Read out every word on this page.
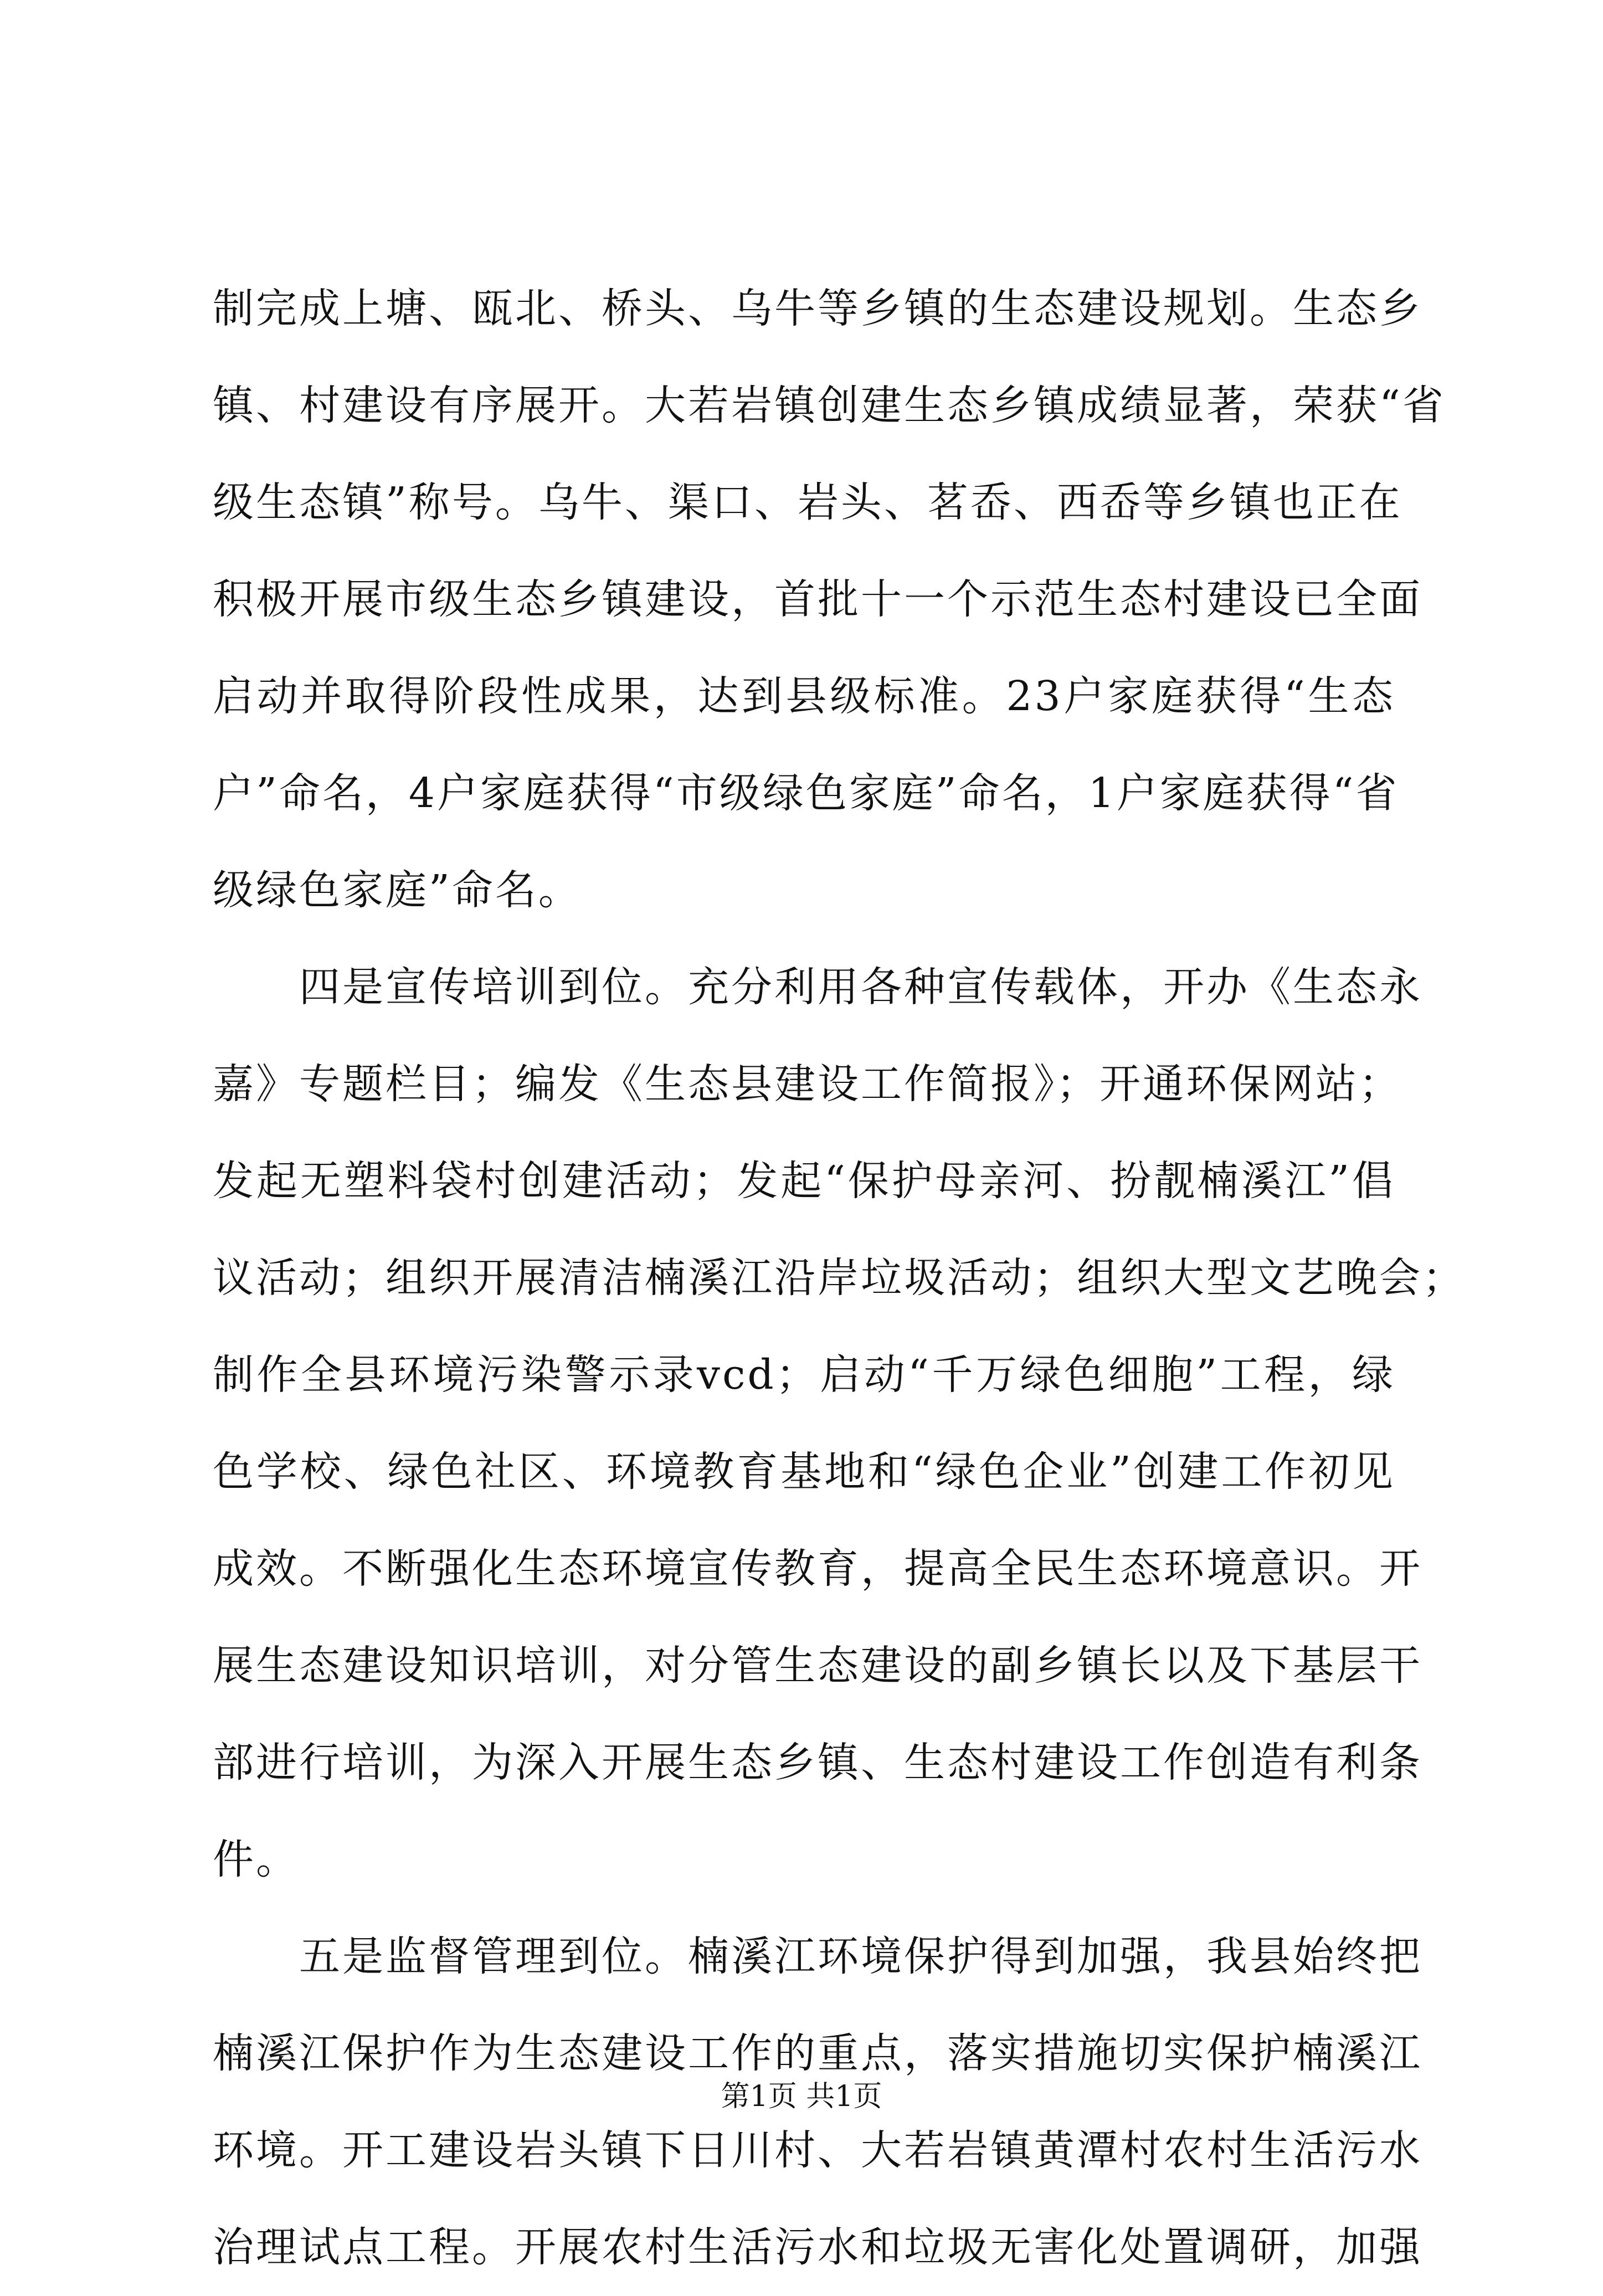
制完成上塘、瓯北、桥头、乌牛等乡镇的生态建设规划。生态乡
镇、村建设有序展开。大若岩镇创建生态乡镇成绩显著，荣获“省
级生态镇”称号。乌牛、渠口、岩头、茗岙、西岙等乡镇也正在
积极开展市级生态乡镇建设，首批十一个示范生态村建设已全面
启动并取得阶段性成果，达到县级标准。23户家庭获得“生态
户”命名，4户家庭获得“市级绿色家庭”命名，1户家庭获得“省
级绿色家庭”命名。
　　四是宣传培训到位。充分利用各种宣传载体，开办《生态永
嘉》专题栏目；编发《生态县建设工作简报》；开通环保网站；
发起无塑料袋村创建活动；发起“保护母亲河、扮靓楠溪江”倡
议活动；组织开展清洁楠溪江沿岸垃圾活动；组织大型文艺晚会；
制作全县环境污染警示录vcd；启动“千万绿色细胞”工程，绿
色学校、绿色社区、环境教育基地和“绿色企业”创建工作初见
成效。不断强化生态环境宣传教育，提高全民生态环境意识。开
展生态建设知识培训，对分管生态建设的副乡镇长以及下基层干
部进行培训，为深入开展生态乡镇、生态村建设工作创造有利条
件。
　　五是监督管理到位。楠溪江环境保护得到加强，我县始终把
楠溪江保护作为生态建设工作的重点，落实措施切实保护楠溪江
环境。开工建设岩头镇下日川村、大若岩镇黄潭村农村生活污水
治理试点工程。开展农村生活污水和垃圾无害化处置调研，加强
第1页 共1页
